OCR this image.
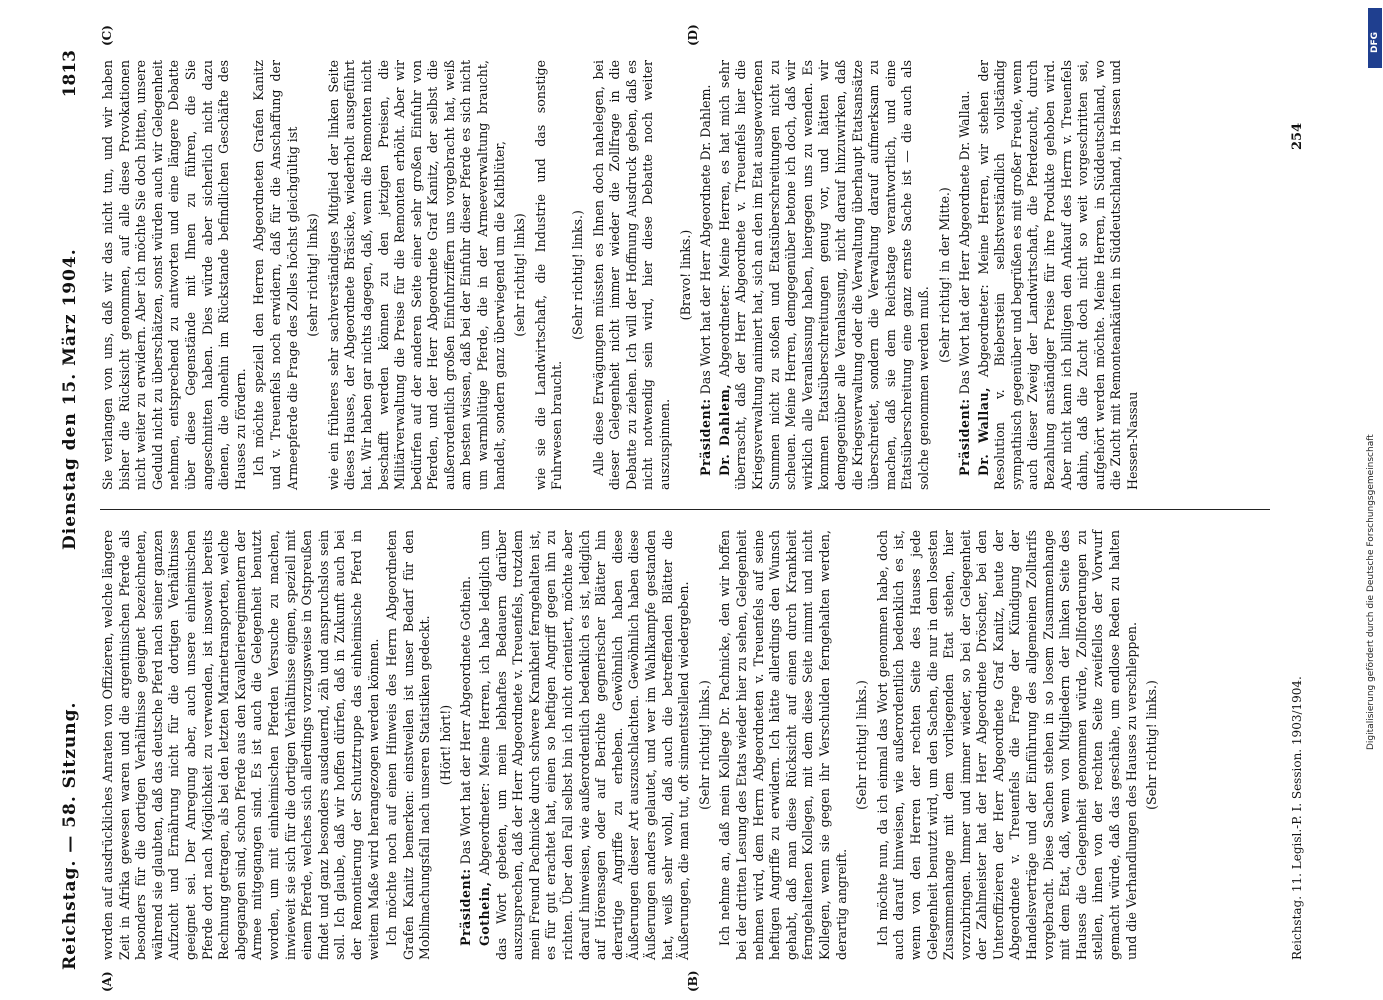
Reichstag. — 58. Sitzung.
Dienstag den 15. März 1904.
1813
(A)	(B)
(C)	(D)

worden auf ausdrückliches Anraten von Offizieren, welche längere Zeit in Afrika gewesen waren und die argentinischen Pferde als besonders für die dortigen Verhältnisse geeignet bezeichneten, während sie glaubten, daß das deutsche Pferd nach seiner ganzen Aufzucht und Ernährung nicht für die dortigen Verhältnisse geeignet sei. Der Anregung aber, auch unsere einheimischen Pferde dort nach Möglichkeit zu verwenden, ist insoweit bereits Rechnung getragen, als bei den letzten Marinetransporten, welche abgegangen sind, schon Pferde aus den Kavallerieregimentern der Armee mitgegangen sind. Es ist auch die Gelegenheit benutzt worden, um mit einheimischen Pferden Versuche zu machen, inwieweit sie sich für die dortigen Verhältnisse eignen, speziell mit einem Pferde, welches sich allerdings vorzugsweise in Ostpreußen findet und ganz besonders ausdauernd, zäh und anspruchslos sein soll. Ich glaube, daß wir hoffen dürfen, daß in Zukunft auch bei der Remontierung der Schutztruppe das einheimische Pferd in weitem Maße wird herangezogen werden können. Ich möchte noch auf einen Hinweis des Herrn Abgeordneten Grafen Kanitz bemerken: einstweilen ist unser Bedarf für den Mobilmachungsfall nach unseren Statistiken gedeckt. (Hört! hört!)

Präsident: Das Wort hat der Herr Abgeordnete Gothein.

Gothein, Abgeordneter: Meine Herren, ich habe lediglich um das Wort gebeten, um mein lebhaftes Bedauern darüber auszusprechen, daß der Herr Abgeordnete v. Treuenfels, trotzdem mein Freund Pachnicke durch schwere Krankheit ferngehalten ist, es für gut erachtet hat, einen so heftigen Angriff gegen ihn zu richten. Über den Fall selbst bin ich nicht orientiert, möchte aber darauf hinweisen, wie außerordentlich bedenklich es ist, lediglich auf Hörensagen oder auf Berichte gegnerischer Blätter hin derartige Angriffe zu erheben. Gewöhnlich haben diese Äußerungen dieser Art auszuschlachten. Gewöhnlich haben diese Äußerungen anders gelautet, und wer im Wahlkampfe gestanden hat, weiß sehr wohl, daß auch die betreffenden Blätter die Äußerungen, die man tut, oft sinnentstellend wiedergeben. (Sehr richtig! links.) Ich nehme an, daß mein Kollege Dr. Pachnicke, den wir hoffen bei der dritten Lesung des Etats wieder hier zu sehen, Gelegenheit nehmen wird, dem Herrn Abgeordneten v. Treuenfels auf seine heftigen Angriffe zu erwidern. Ich hätte allerdings den Wunsch gehabt, daß man diese Rücksicht auf einen durch Krankheit ferngehaltenen Kollegen, mit dem diese Seite nimmt und nicht Kollegen, wenn sie gegen ihr Verschulden ferngehalten werden, derartig angreift.

(Sehr richtig! links.) Ich möchte nun, da ich einmal das Wort genommen habe, doch auch darauf hinweisen, wie außerordentlich bedenklich es ist, wenn von den Herren der rechten Seite des Hauses jede Gelegenheit benutzt wird, um den Sachen, die nur in dem losesten Zusammenhange mit dem vorliegenden Etat stehen, hier vorzubringen. Immer und immer wieder, so bei der Gelegenheit der Zahlmeister hat der Herr Abgeordnete Dröscher, bei den Unteroffizieren der Herr Abgeordnete Graf Kanitz, heute der Abgeordnete v. Treuenfels die Frage der Kündigung der Handelsverträge und der Einführung des allgemeinen Zolltarifs vorgebracht. Diese Sachen stehen in so losem Zusammenhange mit dem Etat, daß, wenn von Mitgliedern der linken Seite des Hauses die Gelegenheit genommen würde, Zollforderungen zu stellen, ihnen von der rechten Seite zweifellos der Vorwurf gemacht würde, daß das geschähe, um endlose Reden zu halten und die Verhandlungen des Hauses zu verschleppen. (Sehr richtig! links.)

Sie verlangen von uns, daß wir das nicht tun, und wir haben bisher die Rücksicht genommen, auf alle diese Provokationen nicht weiter zu erwidern. Aber ich möchte Sie doch bitten, unsere Geduld nicht zu überschätzen, sonst würden auch wir Gelegenheit nehmen, entsprechend zu antworten und eine längere Debatte über diese Gegenstände mit Ihnen zu führen, die Sie angeschnitten haben. Dies würde aber sicherlich nicht dazu dienen, die ohnehin im Rückstande befindlichen Geschäfte des Hauses zu fördern. Ich möchte speziell den Herren Abgeordneten Grafen Kanitz und v. Treuenfels noch erwidern, daß für die Anschaffung der Armeepferde die Frage des Zolles höchst gleichgültig ist (sehr richtig! links) wie ein früheres sehr sachverständiges Mitglied der linken Seite dieses Hauses, der Abgeordnete Bräsicke, wiederholt ausgeführt hat. Wir haben gar nichts dagegen, daß, wenn die Remonten nicht beschafft werden können zu den jetzigen Preisen, die Militärverwaltung die Preise für die Remonten erhöht. Aber wir bedürfen auf der anderen Seite einer sehr großen Einfuhr von Pferden, und der Herr Abgeordnete Graf Kanitz, der selbst die außerordentlich großen Einfuhrziffern uns vorgebracht hat, weiß am besten wissen, daß bei der Einfuhr dieser Pferde es sich nicht um warmblütige Pferde, die in der Armeeverwaltung braucht, handelt, sondern ganz überwiegend um die Kaltblüter, (sehr richtig! links) wie sie die Landwirtschaft, die Industrie und das sonstige Fuhrwesen braucht.

(Sehr richtig! links.) Alle diese Erwägungen müssten es Ihnen doch nahelegen, bei dieser Gelegenheit nicht immer wieder die Zollfrage in die Debatte zu ziehen. Ich will der Hoffnung Ausdruck geben, daß es nicht notwendig sein wird, hier diese Debatte noch weiter auszuspinnen.

(Bravo! links.)

Präsident: Das Wort hat der Herr Abgeordnete Dr. Dahlem.

Dr. Dahlem, Abgeordneter: Meine Herren, es hat mich sehr überrascht, daß der Herr Abgeordnete v. Treuenfels hier die Kriegsverwaltung animiert hat, sich an den im Etat ausgeworfenen Summen nicht zu stoßen und Etatsüberschreitungen nicht zu scheuen. Meine Herren, demgegenüber betone ich doch, daß wir wirklich alle Veranlassung haben, hiergegen uns zu wenden. Es kommen Etatsüberschreitungen genug vor, und hätten wir demgegenüber alle Veranlassung, nicht darauf hinzuwirken, daß die Kriegsverwaltung oder die Verwaltung überhaupt Etatsansätze überschreitet, sondern die Verwaltung darauf aufmerksam zu machen, daß sie dem Reichstage verantwortlich, und eine Etatsüberschreitung eine ganz ernste Sache ist — die auch als solche genommen werden muß.

(Sehr richtig! in der Mitte.)

Präsident: Das Wort hat der Herr Abgeordnete Dr. Wallau.

Dr. Wallau, Abgeordneter: Meine Herren, wir stehen der Resolution v. Bieberstein selbstverständlich vollständig sympathisch gegenüber und begrüßen es mit großer Freude, wenn auch dieser Zweig der Landwirtschaft, die Pferdezucht, durch Bezahlung anständiger Preise für ihre Produkte gehoben wird. Aber nicht kann ich billigen den Ankauf des Herrn v. Treuenfels dahin, daß die Zucht doch nicht so weit vorgeschritten sei, aufgehört werden möchte. Meine Herren, in Süddeutschland, wo die Zucht mit Remonteankäufen in Süddeutschland, in Hessen und Hessen-Nassau

Reichstag. 11. Legisl.-P. I. Session. 1903/1904.
254
DFG
Digitalisierung gefördert durch die Deutsche Forschungsgemeinschaft
